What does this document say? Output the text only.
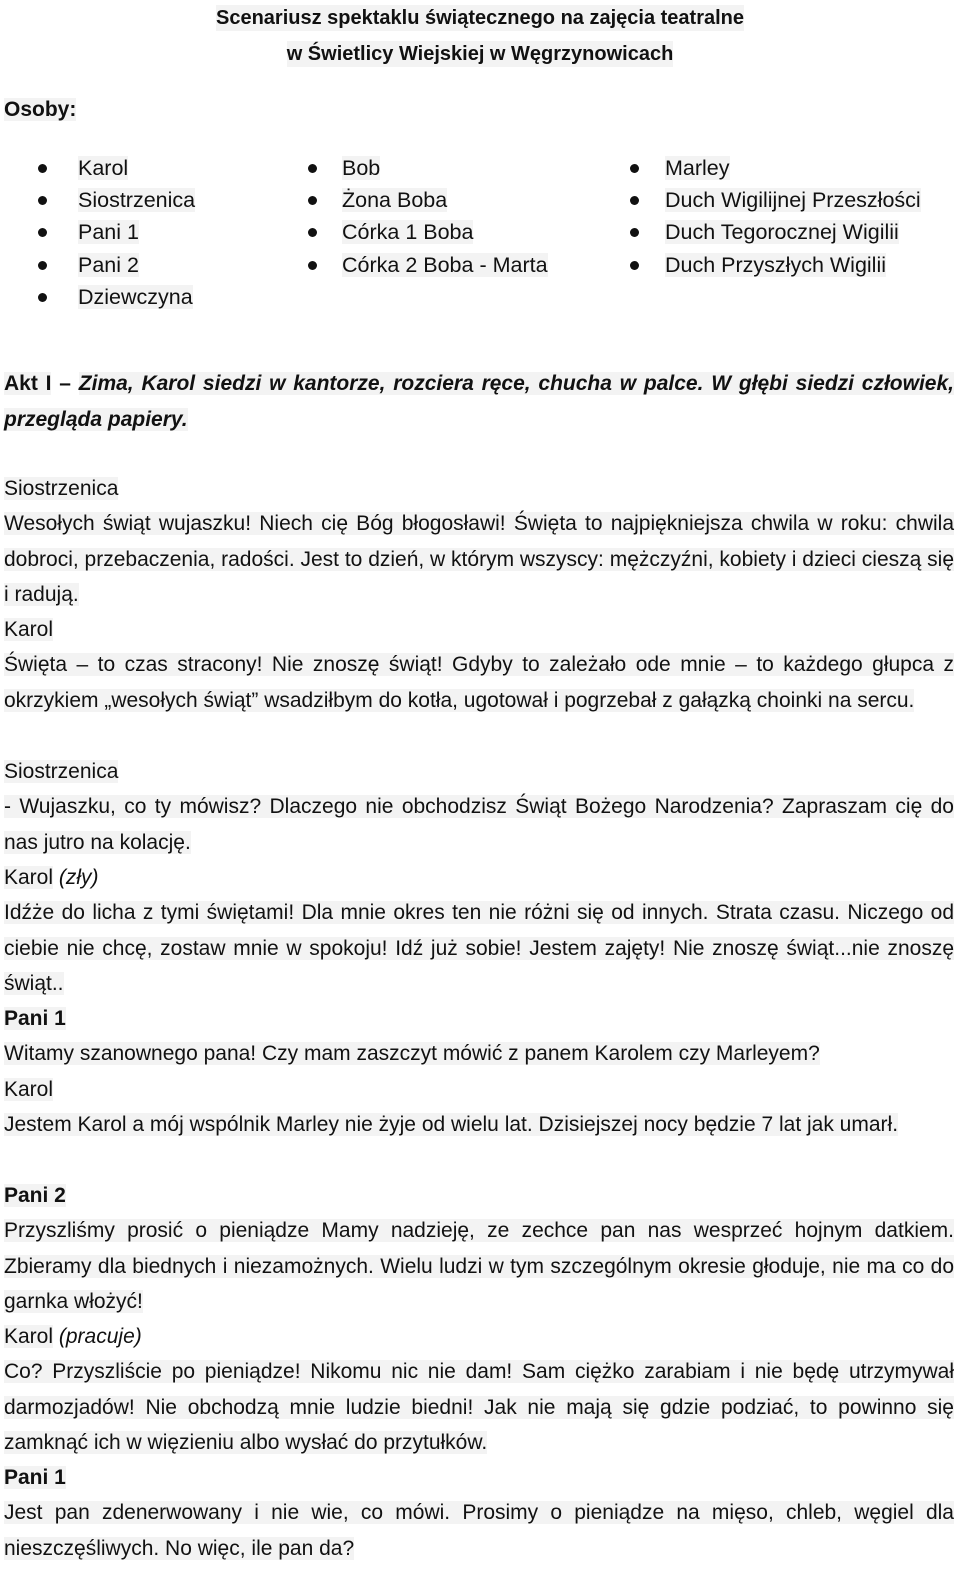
Scenariusz spektaklu świątecznego na zajęcia teatralne
w Świetlicy Wiejskiej w Węgrzynowicach
Osoby:
Karol
Siostrzenica
Pani 1
Pani 2
Dziewczyna
Bob
Żona Boba
Córka 1 Boba
Córka 2 Boba - Marta
Marley
Duch Wigilijnej Przeszłości
Duch Tegorocznej Wigilii
Duch Przyszłych Wigilii
Akt I – Zima, Karol siedzi w kantorze, rozciera ręce, chucha w palce. W głębi siedzi człowiek, przegląda papiery.
Siostrzenica
Wesołych świąt wujaszku! Niech cię Bóg błogosławi! Święta to najpiękniejsza chwila w roku: chwila dobroci, przebaczenia, radości. Jest to dzień, w którym wszyscy: mężczyźni, kobiety i dzieci cieszą się i radują.
Karol
Święta – to czas stracony! Nie znoszę świąt! Gdyby to zależało ode mnie – to każdego głupca z okrzykiem „wesołych świąt” wsadziłbym do kotła, ugotował i pogrzebał z gałązką choinki na sercu.
Siostrzenica
- Wujaszku, co ty mówisz? Dlaczego nie obchodzisz Świąt Bożego Narodzenia? Zapraszam cię do nas jutro na kolację.
Karol (zły)
Idźże do licha z tymi świętami! Dla mnie okres ten nie różni się od innych. Strata czasu. Niczego od ciebie nie chcę, zostaw mnie w spokoju! Idź już sobie! Jestem zajęty! Nie znoszę świąt...nie znoszę świąt..
Pani 1
Witamy szanownego pana! Czy mam zaszczyt mówić z panem Karolem czy Marleyem?
Karol
Jestem Karol a mój wspólnik Marley nie żyje od wielu lat. Dzisiejszej nocy będzie 7 lat jak umarł.
Pani 2
Przyszliśmy prosić o pieniądze Mamy nadzieję, ze zechce pan nas wesprzeć hojnym datkiem. Zbieramy dla biednych i niezamożnych. Wielu ludzi w tym szczególnym okresie głoduje, nie ma co do garnka włożyć!
Karol (pracuje)
Co? Przyszliście po pieniądze! Nikomu nic nie dam! Sam ciężko zarabiam i nie będę utrzymywał darmozjadów! Nie obchodzą mnie ludzie biedni! Jak nie mają się gdzie podziać, to powinno się zamknąć ich w więzieniu albo wysłać do przytułków.
Pani 1
Jest pan zdenerwowany i nie wie, co mówi. Prosimy o pieniądze na mięso, chleb, węgiel dla nieszczęśliwych. No więc, ile pan da?
